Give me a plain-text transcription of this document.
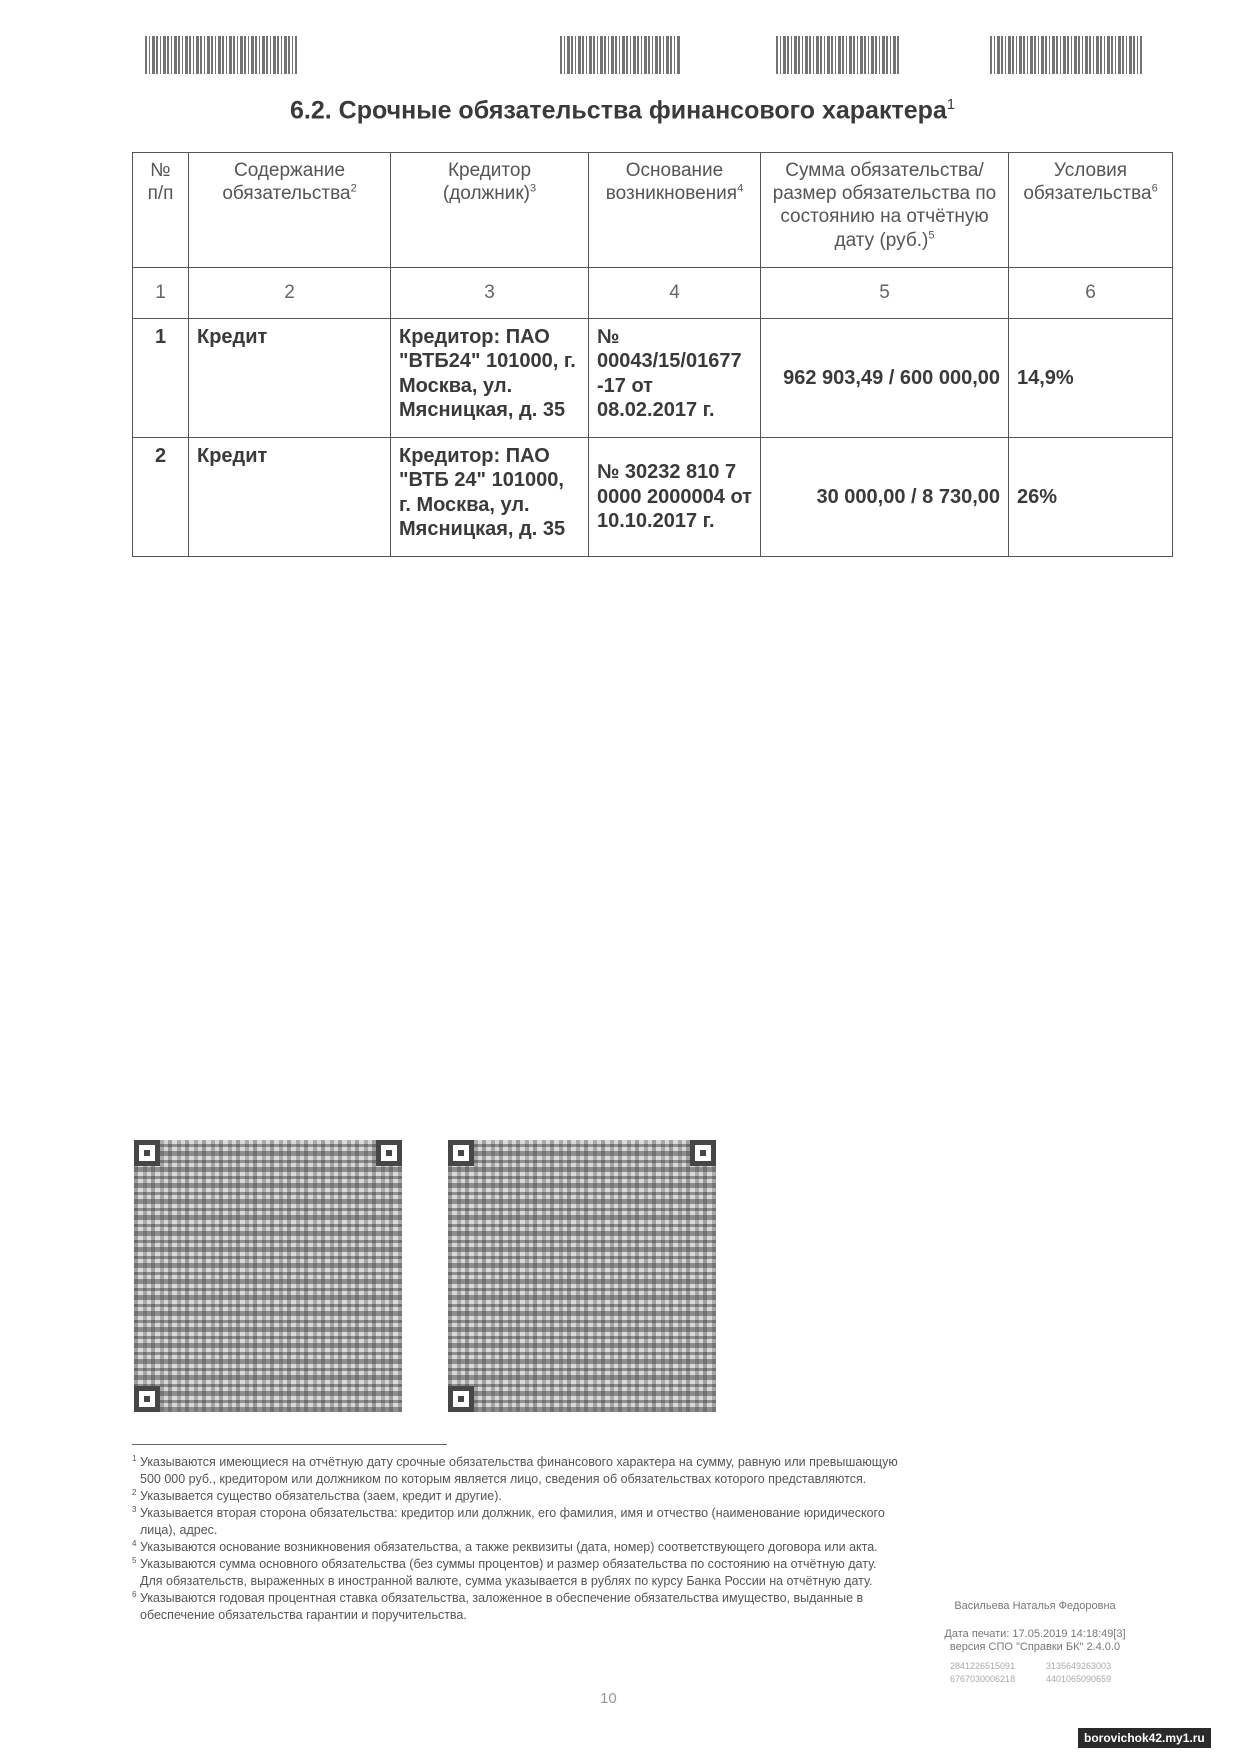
6.2. Срочные обязательства финансового характера$^1$
№ п/п	Содержание обязательства$^2$	Кредитор (должник)$^3$	Основание возникновения$^4$	Сумма обязательства/ размер обязательства по состоянию на отчётную дату $(руб.)^5$	Условия обязательства$^6$
1	2	3	4	5	6
1	Кредит	Кредитор: ПАО "ВТБ24" 101000, г. Москва, ул. Мясницкая, д. 35	№ 00043/15/01677 -17 от 08.02.2017 г.	962 903,49 / 600 000,00	14,9%
2	Кредит	Кредитор: ПАО "ВТБ 24" 101000, г. Москва, ул. Мясницкая, д. 35	№ 30232 810 7 0000 2000004 от 10.10.2017 г.	30 000,00 / 8 730,00	26%
$^1$ Указываются имеющиеся на отчётную дату срочные обязательства финансового характера на сумму, равную или превышающую 500 000 руб., кредитором или должником по которым является лицо, сведения об обязательствах которого представляются.
$^2$ Указывается существо обязательства (заем, кредит и другие).
$^3$ Указывается вторая сторона обязательства: кредитор или должник, его фамилия, имя и отчество (наименование юридического лица), адрес.
$^4$ Указываются основание возникновения обязательства, а также реквизиты (дата, номер) соответствующего договора или акта.
$^5$ Указываются сумма основного обязательства (без суммы процентов) и размер обязательства по состоянию на отчётную дату. Для обязательств, выраженных в иностранной валюте, сумма указывается в рублях по курсу Банка России на отчётную дату.
$^6$ Указываются годовая процентная ставка обязательства, заложенное в обеспечение обязательства имущество, выданные в обеспечение обязательства гарантии и поручительства.
Васильева Наталья Федоровна
Дата печати: 17.05.2019 14:18:49[3]
версия СПО "Справки БК" 2.4.0.0
2841226515091	3135649263003 6767030006218	4401065090659
10
borovichok42.my1.ru
